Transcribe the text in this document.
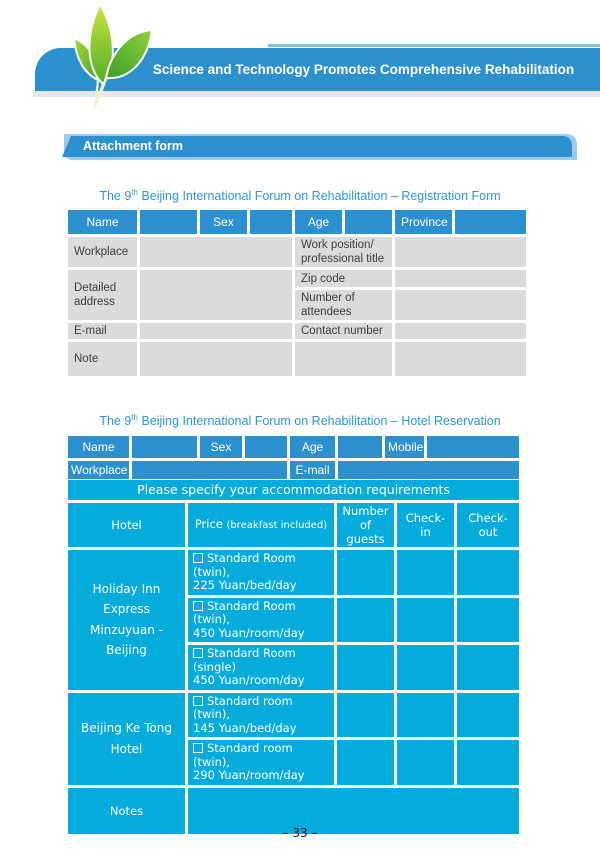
Science and Technology Promotes Comprehensive Rehabilitation
Attachment form
The 9th Beijing International Forum on Rehabilitation – Registration Form
Name		Sex		Age		Province	
Workplace				Work position/
professional title			
Detailed address				Zip code			
				Number of attendees			
E-mail				Contact number			
Note							
The 9th Beijing International Forum on Rehabilitation – Hotel Reservation
Name		Sex		Age		Mobile	
Workplace				E-mail			
Please specify your accommodation requirements				
Hotel	Price (breakfast included)	Number of guests	Check-in	Check-out
Holiday Inn Express Minzuyuan - Beijing	Standard Room (twin),
225 Yuan/bed/day			
	Standard Room (twin),
450 Yuan/room/day			
	Standard Room (single)
450 Yuan/room/day			
Beijing Ke Tong Hotel	Standard room (twin),
145 Yuan/bed/day			
	Standard room (twin),
290 Yuan/room/day			
Notes				
– 33 –
